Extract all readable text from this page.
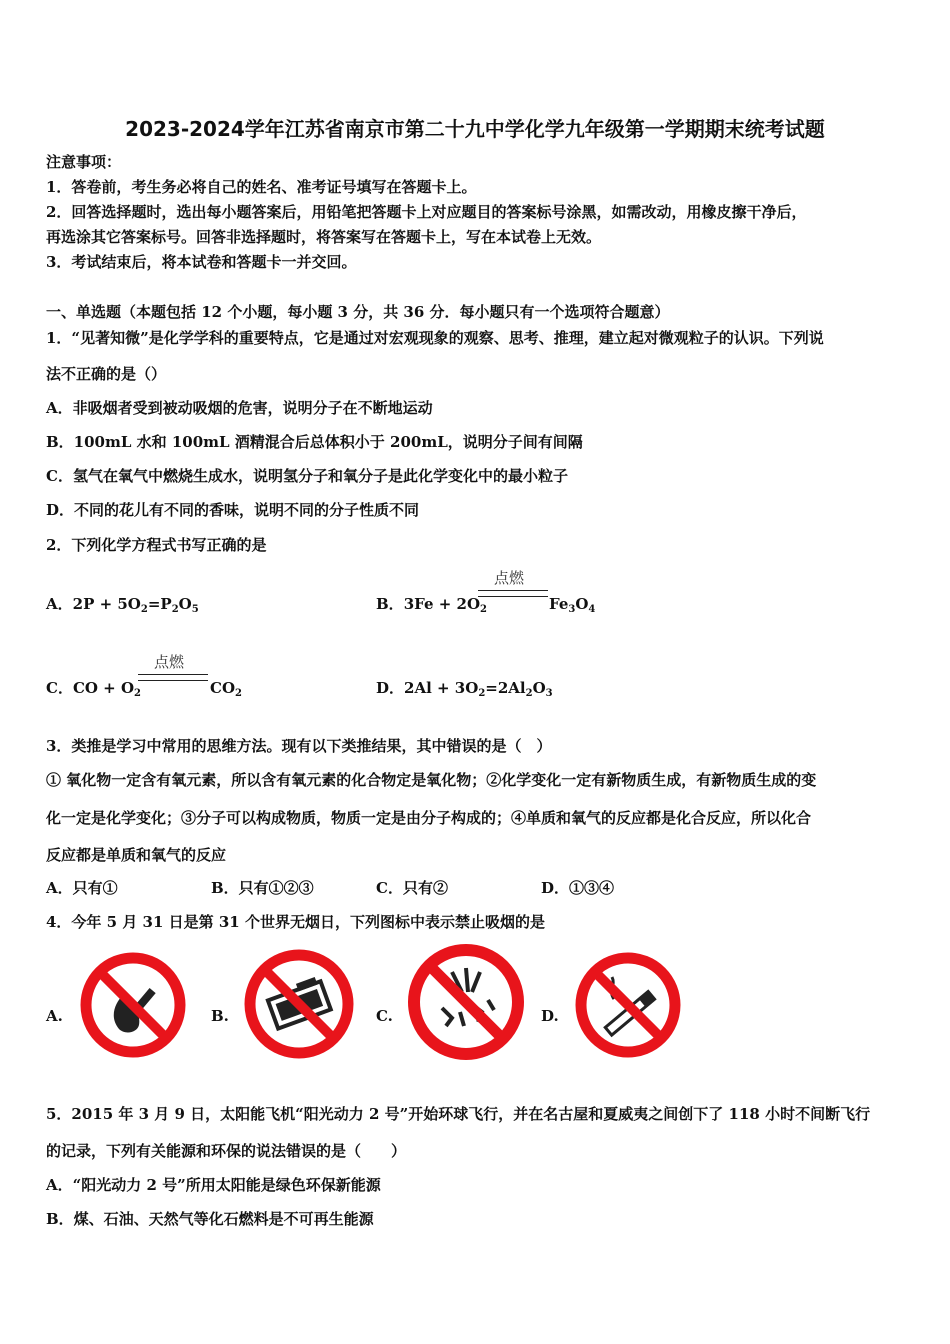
2023-2024学年江苏省南京市第二十九中学化学九年级第一学期期末统考试题
注意事项：
1．答卷前，考生务必将自己的姓名、准考证号填写在答题卡上。
2．回答选择题时，选出每小题答案后，用铅笔把答题卡上对应题目的答案标号涂黑，如需改动，用橡皮擦干净后，
再选涂其它答案标号。回答非选择题时，将答案写在答题卡上，写在本试卷上无效。
3．考试结束后，将本试卷和答题卡一并交回。
一、单选题（本题包括 12 个小题，每小题 3 分，共 36 分．每小题只有一个选项符合题意）
1．“见著知微”是化学学科的重要特点，它是通过对宏观现象的观察、思考、推理，建立起对微观粒子的认识。下列说
法不正确的是（）
A．非吸烟者受到被动吸烟的危害，说明分子在不断地运动
B．100mL 水和 100mL 酒精混合后总体积小于 200mL，说明分子间有间隔
C．氢气在氧气中燃烧生成水，说明氢分子和氧分子是此化学变化中的最小粒子
D．不同的花儿有不同的香味，说明不同的分子性质不同
2．下列化学方程式书写正确的是
A．$2P + 5O_2=P_2O_5$	B．$3Fe + 2O_2$
点燃
$Fe_3O_4$
C．CO + $O_2$
点燃
$CO_2$	D．$2Al + 3O_2=2Al_2O_3$
3．类推是学习中常用的思维方法。现有以下类推结果，其中错误的是（　）
① 氧化物一定含有氧元素，所以含有氧元素的化合物定是氧化物；②化学变化一定有新物质生成，有新物质生成的变
化一定是化学变化；③分子可以构成物质，物质一定是由分子构成的；④单质和氧气的反应都是化合反应，所以化合
反应都是单质和氧气的反应
A．只有①	B．只有①②③	C．只有②	D．①③④
4．今年 5 月 31 日是第 31 个世界无烟日，下列图标中表示禁止吸烟的是
A.	B.	C.	D.
5．2015 年 3 月 9 日，太阳能飞机“阳光动力 2 号”开始环球飞行，并在名古屋和夏威夷之间创下了 118 小时不间断飞行
的记录，下列有关能源和环保的说法错误的是（　　）
A．“阳光动力 2 号”所用太阳能是绿色环保新能源
B．煤、石油、天然气等化石燃料是不可再生能源
